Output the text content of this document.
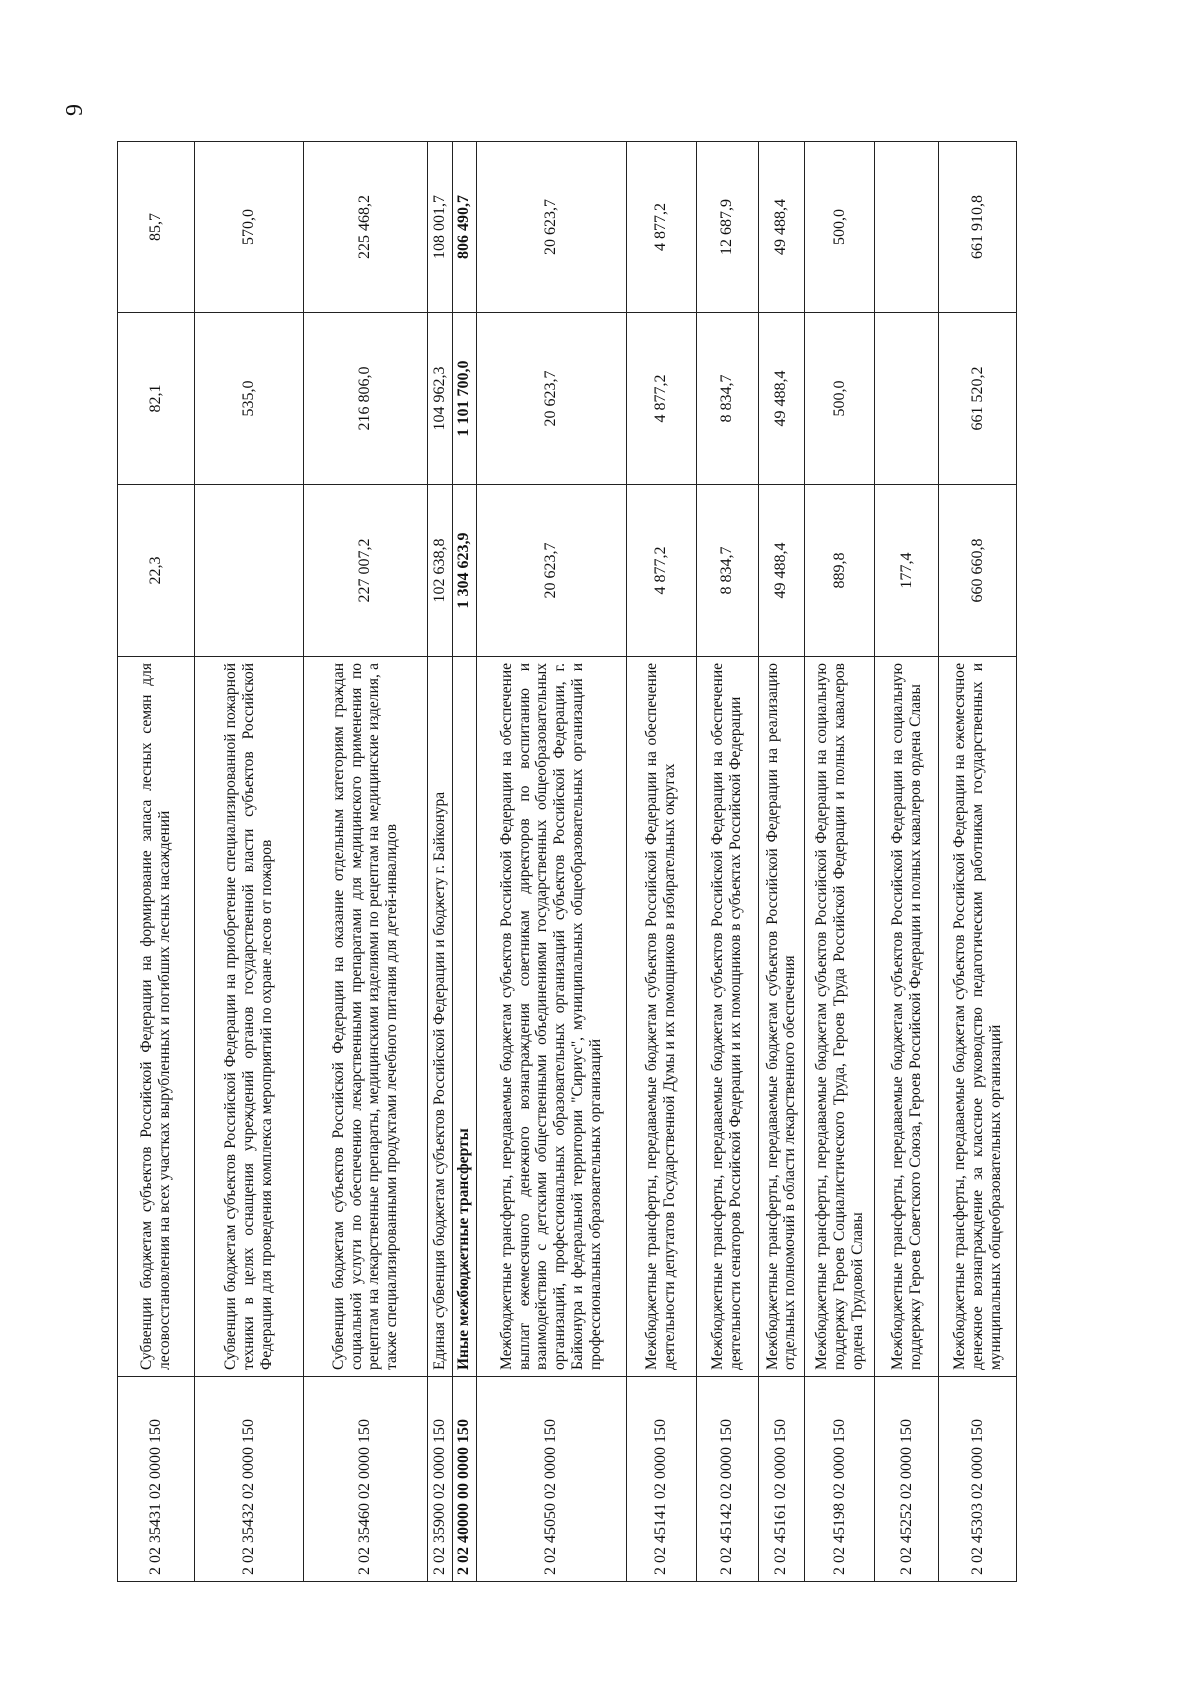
9
2 02 35431 02 0000 150	Субвенции бюджетам субъектов Российской Федерации на формирование запаса лесных семян для лесовосстановления на всех участках вырубленных и погибших лесных насаждений	22,3	82,1	85,7
2 02 35432 02 0000 150	Субвенции бюджетам субъектов Российской Федерации на приобретение специализированной пожарной техники в целях оснащения учреждений органов государственной власти субъектов Российской Федерации для проведения комплекса мероприятий по охране лесов от пожаров		535,0	570,0
2 02 35460 02 0000 150	Субвенции бюджетам субъектов Российской Федерации на оказание отдельным категориям граждан социальной услуги по обеспечению лекарственными препаратами для медицинского применения по рецептам на лекарственные препараты, медицинскими изделиями по рецептам на медицинские изделия, а также специализированными продуктами лечебного питания для детей-инвалидов	227 007,2	216 806,0	225 468,2
2 02 35900 02 0000 150	Единая субвенция бюджетам субъектов Российской Федерации и бюджету г. Байконура	102 638,8	104 962,3	108 001,7
2 02 40000 00 0000 150	Иные межбюджетные трансферты	1 304 623,9	1 101 700,0	806 490,7
2 02 45050 02 0000 150	Межбюджетные трансферты, передаваемые бюджетам субъектов Российской Федерации на обеспечение выплат ежемесячного денежного вознаграждения советникам директоров по воспитанию и взаимодействию с детскими общественными объединениями государственных общеобразовательных организаций, профессиональных образовательных организаций субъектов Российской Федерации, г. Байконура и федеральной территории "Сириус", муниципальных общеобразовательных организаций и профессиональных образовательных организаций	20 623,7	20 623,7	20 623,7
2 02 45141 02 0000 150	Межбюджетные трансферты, передаваемые бюджетам субъектов Российской Федерации на обеспечение деятельности депутатов Государственной Думы и их помощников в избирательных округах	4 877,2	4 877,2	4 877,2
2 02 45142 02 0000 150	Межбюджетные трансферты, передаваемые бюджетам субъектов Российской Федерации на обеспечение деятельности сенаторов Российской Федерации и их помощников в субъектах Российской Федерации	8 834,7	8 834,7	12 687,9
2 02 45161 02 0000 150	Межбюджетные трансферты, передаваемые бюджетам субъектов Российской Федерации на реализацию отдельных полномочий в области лекарственного обеспечения	49 488,4	49 488,4	49 488,4
2 02 45198 02 0000 150	Межбюджетные трансферты, передаваемые бюджетам субъектов Российской Федерации на социальную поддержку Героев Социалистического Труда, Героев Труда Российской Федерации и полных кавалеров ордена Трудовой Славы	889,8	500,0	500,0
2 02 45252 02 0000 150	Межбюджетные трансферты, передаваемые бюджетам субъектов Российской Федерации на социальную поддержку Героев Советского Союза, Героев Российской Федерации и полных кавалеров ордена Славы	177,4		
2 02 45303 02 0000 150	Межбюджетные трансферты, передаваемые бюджетам субъектов Российской Федерации на ежемесячное денежное вознаграждение за классное руководство педагогическим работникам государственных и муниципальных общеобразовательных организаций	660 660,8	661 520,2	661 910,8
